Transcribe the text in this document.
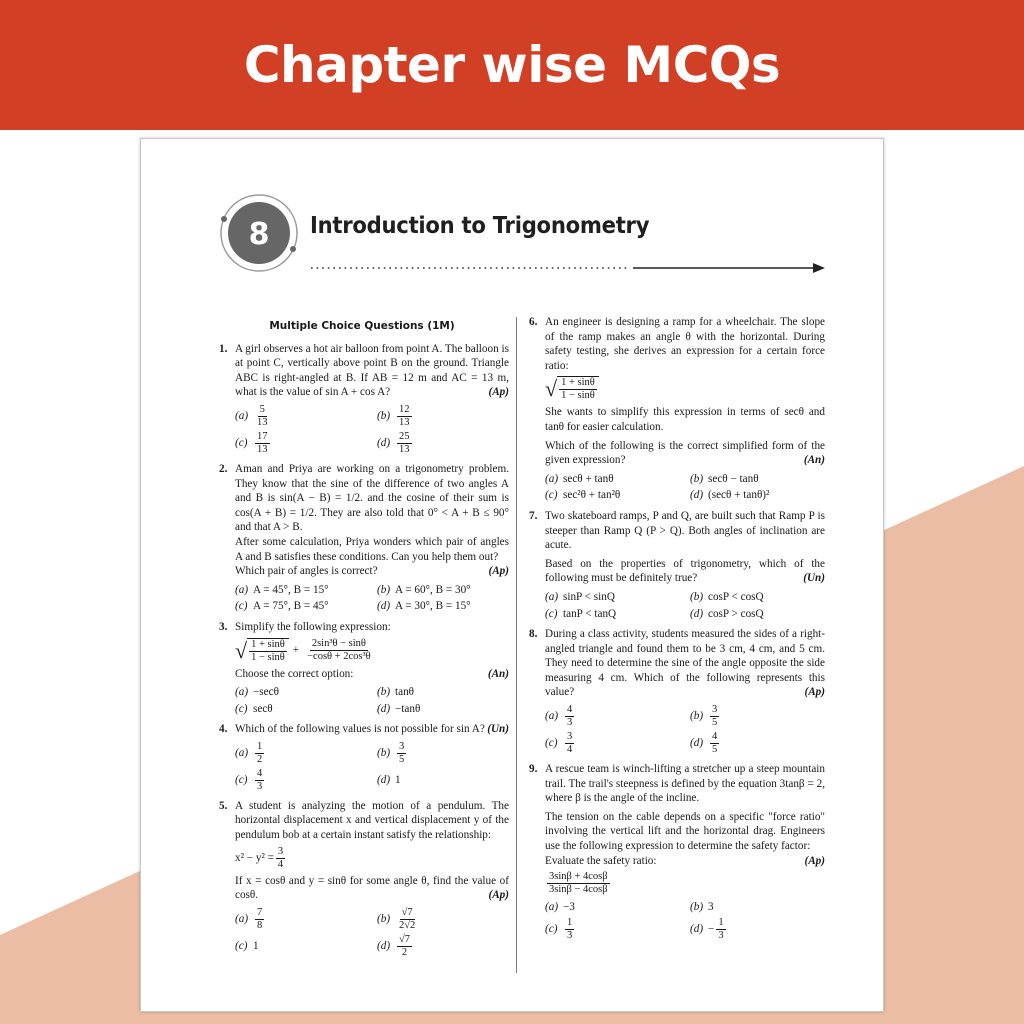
Chapter wise MCQs
8 Introduction to Trigonometry
Multiple Choice Questions (1M)
1. A girl observes a hot air balloon from point A. The balloon is at point C, vertically above point B on the ground. Triangle ABC is right-angled at B. If AB = 12 m and AC = 13 m, what is the value of sin A + cos A?	(Ap)
$(a) \frac{5}{13}$	$(b) \frac{12}{13}$
$(c) \frac{17}{13}$	$(d) \frac{25}{13}$
2. Aman and Priya are working on a trigonometry problem. They know that the sine of the difference of two angles A and B is sin(A − B) = 1/2. and the cosine of their sum is cos(A + B) = 1/2. They are also told that 0° < A + B ≤ 90° and that A > B.
After some calculation, Priya wonders which pair of angles A and B satisfies these conditions. Can you help them out?
Which pair of angles is correct?	(Ap)
(a) A = 45°, B = 15°	(b) A = 60°, B = 30°
(c) A = 75°, B = 45°	(d) A = 30°, B = 15°
3. Simplify the following expression:
√ $\frac{1 + \sin\theta}{1 - \sin\theta} + \frac{\text{2sin³θ − sinθ}}{\text{−cosθ + 2cos³θ}}$
Choose the correct option:	(An)
(a) −secθ	(b) tanθ
(c) secθ	(d) −tanθ
4. Which of the following values is not possible for sin A? (Un)
$(a) \frac{1}{2}$	$(b) \frac{3}{5}$
$(c) \frac{4}{3}$	(d) 1
5. A student is analyzing the motion of a pendulum. The horizontal displacement x and vertical displacement y of the pendulum bob at a certain instant satisfy the relationship:
$x^2 - y^2 = \frac{3}{4}$
If x = cosθ and y = sinθ for some angle θ, find the value of cosθ.	(Ap)
$(a) \frac{7}{8}$	$(b) \frac{√7}{2√2}$
(c) 1	$(d) \frac{√7}{2}$
6. An engineer is designing a ramp for a wheelchair. The slope of the ramp makes an angle θ with the horizontal. During safety testing, she derives an expression for a certain force ratio:
√ $\frac{1 + \sin\theta}{1 - \sin\theta}$
She wants to simplify this expression in terms of secθ and tanθ for easier calculation.
Which of the following is the correct simplified form of the given expression?	(An)
(a) secθ + tanθ	(b) secθ − tanθ
(c) sec²θ + tan²θ	(d) (secθ + tanθ)²
7. Two skateboard ramps, P and Q, are built such that Ramp P is steeper than Ramp Q (P > Q). Both angles of inclination are acute.
Based on the properties of trigonometry, which of the following must be definitely true?	(Un)
(a) sinP < sinQ	(b) cosP < cosQ
(c) tanP < tanQ	(d) cosP > cosQ
8. During a class activity, students measured the sides of a right-angled triangle and found them to be 3 cm, 4 cm, and 5 cm. They need to determine the sine of the angle opposite the side measuring 4 cm. Which of the following represents this value?	(Ap)
$(a) \frac{4}{3}$	$(b) \frac{3}{5}$
$(c) \frac{3}{4}$	$(d) \frac{4}{5}$
9. A rescue team is winch-lifting a stretcher up a steep mountain trail. The trail's steepness is defined by the equation 3tanβ = 2, where β is the angle of the incline.
The tension on the cable depends on a specific "force ratio" involving the vertical lift and the horizontal drag. Engineers use the following expression to determine the safety factor:
Evaluate the safety ratio:	(Ap)
$\frac{3\sin\beta + 4\cos\beta}{3\sin\beta - 4\cos\beta}$
(a) −3	(b) 3
$(c) \frac{1}{3}$	$(d) - \frac{1}{3}$
